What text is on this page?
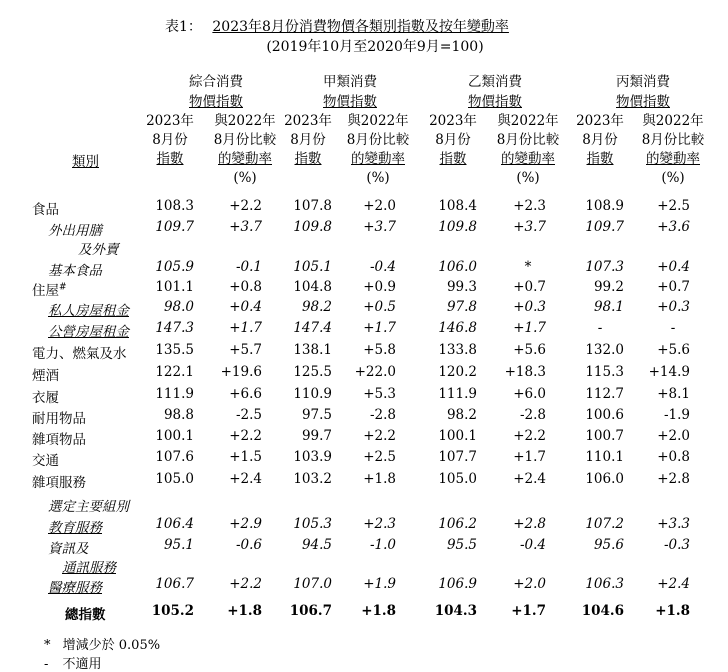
表1： 2023年8月份消費物價各類別指數及按年變動率
(2019年10月至2020年9月=100)
綜合消費
物價指數
甲類消費
物價指數
乙類消費
物價指數
丙類消費
物價指數
2023年
8月份
指數
與2022年
8月份比較
的變動率
(%)
2023年
8月份
指數
與2022年
8月份比較
的變動率
(%)
2023年
8月份
指數
與2022年
8月份比較
的變動率
(%)
2023年
8月份
指數
與2022年
8月份比較
的變動率
(%)
類別
食品	108.3	+2.2	107.8	+2.0	108.4	+2.3	108.9	+2.5
外出用膳
及外賣
109.7	+3.7	109.8	+3.7	109.8	+3.7	109.7	+3.6
基本食品	105.9	-0.1	105.1	-0.4	106.0	*	107.3	+0.4
住屋#	101.1	+0.8	104.8	+0.9	99.3	+0.7	99.2	+0.7
私人房屋租金	98.0	+0.4	98.2	+0.5	97.8	+0.3	98.1	+0.3
公營房屋租金	147.3	+1.7	147.4	+1.7	146.8	+1.7	-	-
電力、燃氣及水	135.5	+5.7	138.1	+5.8	133.8	+5.6	132.0	+5.6
煙酒	122.1	+19.6	125.5	+22.0	120.2	+18.3	115.3	+14.9
衣履	111.9	+6.6	110.9	+5.3	111.9	+6.0	112.7	+8.1
耐用物品	98.8	-2.5	97.5	-2.8	98.2	-2.8	100.6	-1.9
雜項物品	100.1	+2.2	99.7	+2.2	100.1	+2.2	100.7	+2.0
交通	107.6	+1.5	103.9	+2.5	107.7	+1.7	110.1	+0.8
雜項服務	105.0	+2.4	103.2	+1.8	105.0	+2.4	106.0	+2.8
選定主要組別
教育服務	106.4	+2.9	105.3	+2.3	106.2	+2.8	107.2	+3.3
資訊及
通訊服務
95.1	-0.6	94.5	-1.0	95.5	-0.4	95.6	-0.3
醫療服務	106.7	+2.2	107.0	+1.9	106.9	+2.0	106.3	+2.4
總指數	105.2	+1.8	106.7	+1.8	104.3	+1.7	104.6	+1.8
* 增減少於 0.05%
- 不適用
